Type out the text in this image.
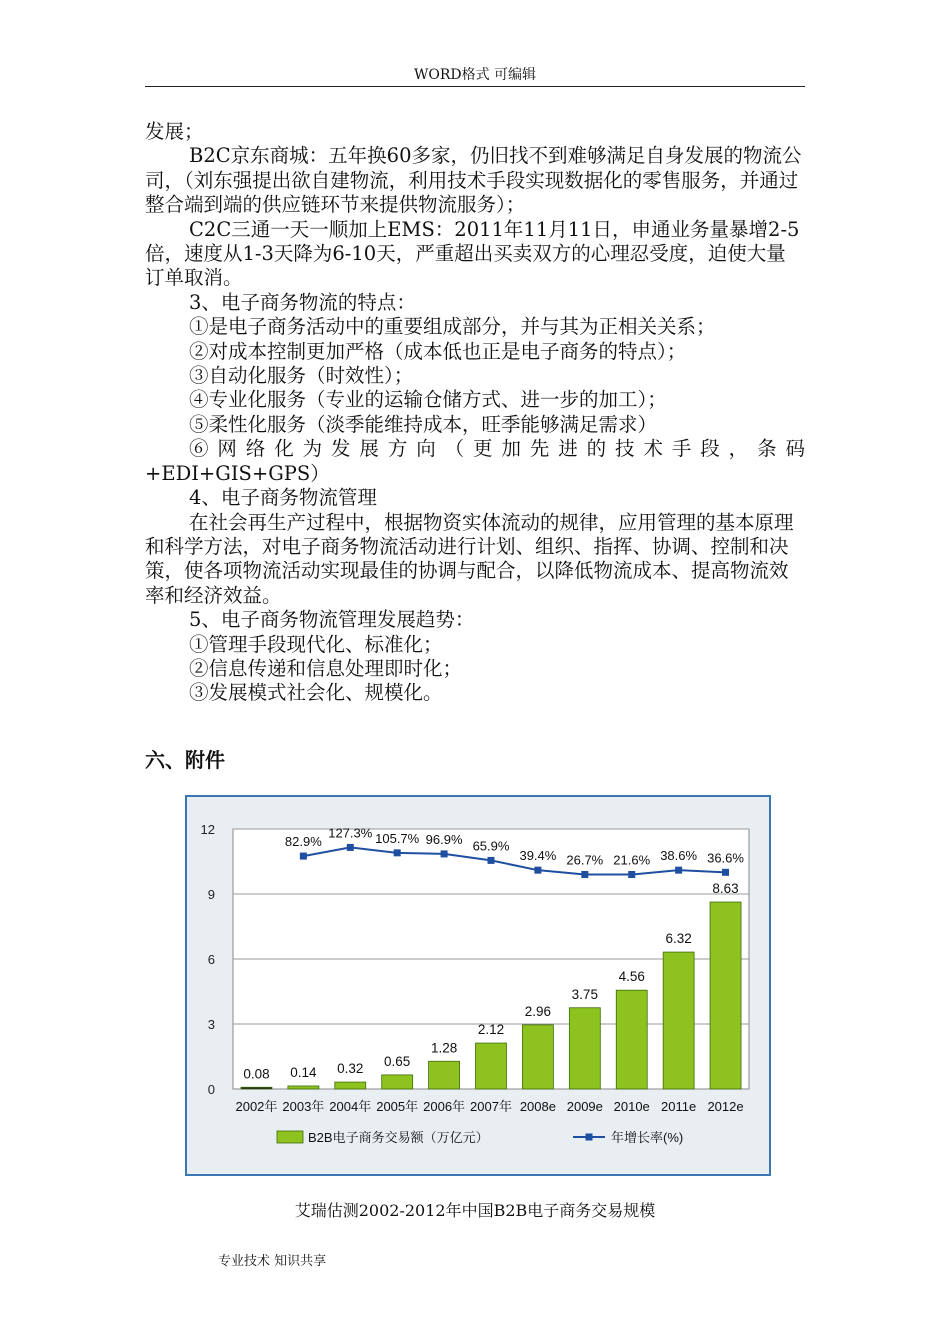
WORD格式 可编辑

发展；

B2C京东商城：五年换60多家，仍旧找不到难够满足自身发展的物流公司，（刘东强提出欲自建物流，利用技术手段实现数据化的零售服务，并通过整合端到端的供应链环节来提供物流服务）；

C2C三通一天一顺加上EMS：2011年11月11日，申通业务量暴增2-5倍，速度从1-3天降为6-10天，严重超出买卖双方的心理忍受度，迫使大量订单取消。

3、电子商务物流的特点：

①是电子商务活动中的重要组成部分，并与其为正相关关系；

②对成本控制更加严格（成本低也正是电子商务的特点）；

③自动化服务（时效性）；

④专业化服务（专业的运输仓储方式、进一步的加工）；

⑤柔性化服务（淡季能维持成本，旺季能够满足需求）

⑥网络化为发展方向（更加先进的技术手段，条码

+EDI+GIS+GPS）

4、电子商务物流管理

在社会再生产过程中，根据物资实体流动的规律，应用管理的基本原理和科学方法，对电子商务物流活动进行计划、组织、指挥、协调、控制和决策，使各项物流活动实现最佳的协调与配合，以降低物流成本、提高物流效率和经济效益。

5、电子商务物流管理发展趋势：

①管理手段现代化、标准化；

②信息传递和信息处理即时化；

③发展模式社会化、规模化。

六、附件
0
3
6
9
12
0.08 0.14 0.32 0.65
1.28
2.12
2.96
3.75
4.56
6.32
8.63
2002年 2003年 2004年 2005年 2006年 2007年 2008e 2009e 2010e 2011e 2012e
82.9%
127.3% 105.7% 96.9% 65.9%
39.4% 26.7% 21.6% 38.6% 36.6%
B2B电子商务交易额（万亿元）	年增长率(%)
艾瑞估测2002-2012年中国B2B电子商务交易规模
专业技术 知识共享
